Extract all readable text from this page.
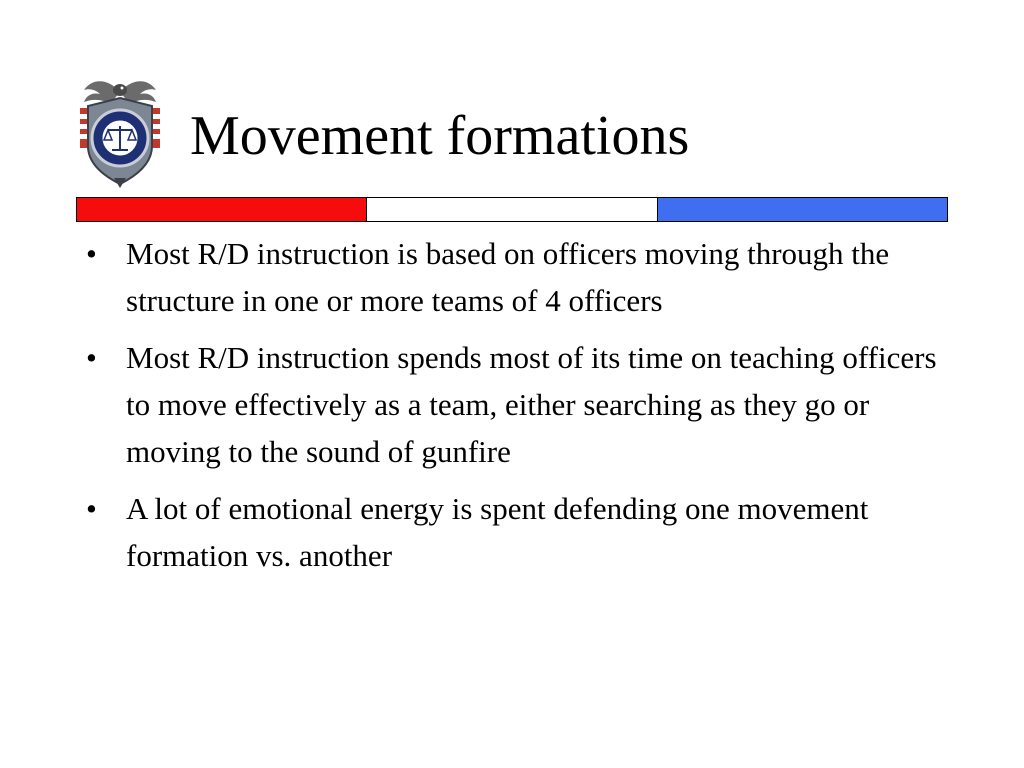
Movement formations
• Most R/D instruction is based on officers moving through the structure in one or more teams of 4 officers
• Most R/D instruction spends most of its time on teaching officers to move effectively as a team, either searching as they go or moving to the sound of gunfire
• A lot of emotional energy is spent defending one movement formation vs. another
